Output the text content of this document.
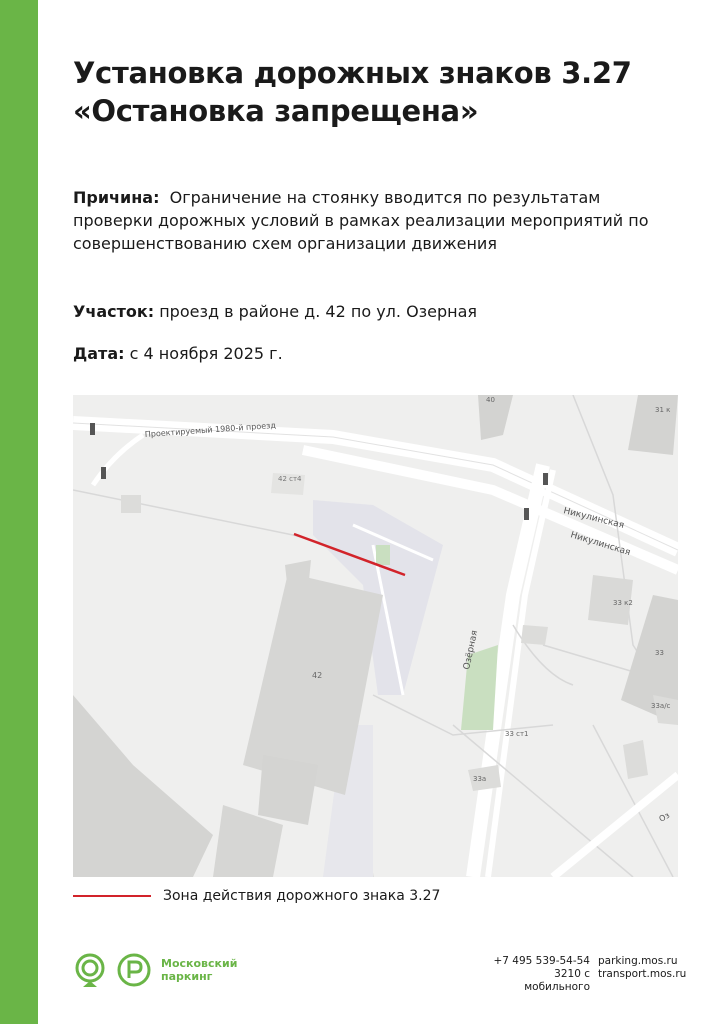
Установка дорожных знаков 3.27
«Остановка запрещена»
Причина: Ограничение на стоянку вводится по результатам проверки дорожных условий в рамках реализации мероприятий по совершенствованию схем организации движения
Участок: проезд в районе д. 42 по ул. Озерная
Дата: с 4 ноября 2025 г.
Проектируемый 1980-й проезд
Никулинская
Никулинская
Озёрная
42
42 ст4
33 к2
33
33а/с
33 ст1
33а
31 к
40
Оз
Зона действия дорожного знака 3.27
Московский
паркинг
+7 495 539-54-54
3210 с мобильного
parking.mos.ru
transport.mos.ru
